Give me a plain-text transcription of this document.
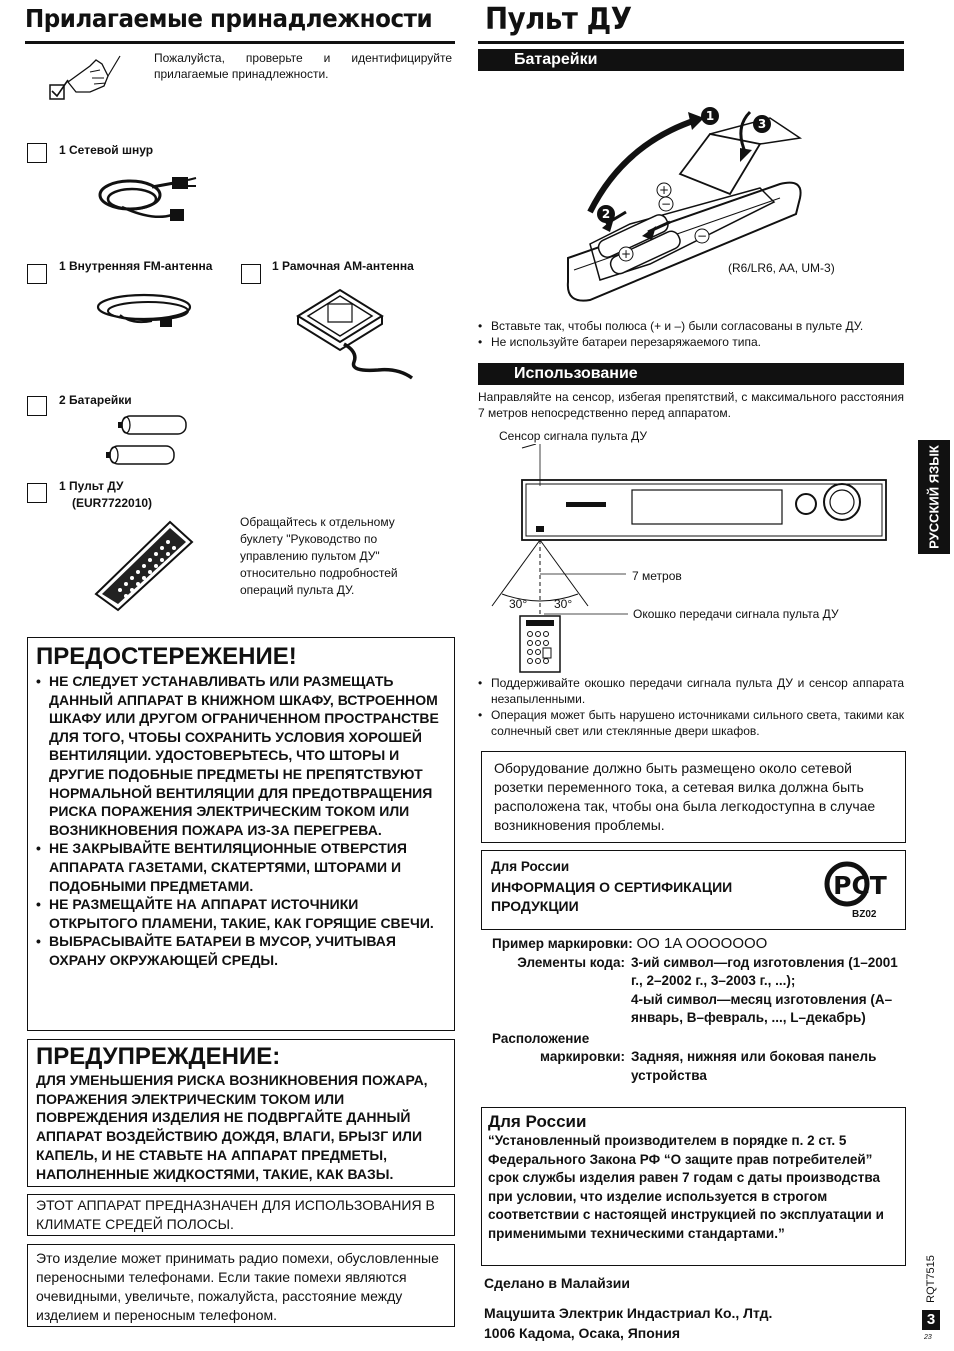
Прилагаемые принадлежности
Пожалуйста, проверьте и идентифицируйте прилагаемые принадлежности.
1 Сетевой шнур
1 Внутренняя FM-антенна	1 Рамочная AM-антенна
2 Батарейки
1 Пульт ДУ
(EUR7722010)
Обращайтесь к отдельному буклету "Руководство по управлению пультом ДУ" относительно подробностей операций пульта ДУ.
ПРЕДОСТЕРЕЖЕНИЕ!
• НЕ СЛЕДУЕТ УСТАНАВЛИВАТЬ ИЛИ РАЗМЕЩАТЬ ДАННЫЙ АППАРАТ В КНИЖНОМ ШКАФУ, ВСТРОЕННОМ ШКАФУ ИЛИ ДРУГОМ ОГРАНИЧЕННОМ ПРОСТРАНСТВЕ ДЛЯ ТОГО, ЧТОБЫ СОХРАНИТЬ УСЛОВИЯ ХОРОШЕЙ ВЕНТИЛЯЦИИ. УДОСТОВЕРЬТЕСЬ, ЧТО ШТОРЫ И ДРУГИЕ ПОДОБНЫЕ ПРЕДМЕТЫ НЕ ПРЕПЯТСТВУЮТ НОРМАЛЬНОЙ ВЕНТИЛЯЦИИ ДЛЯ ПРЕДОТВРАЩЕНИЯ РИСКА ПОРАЖЕНИЯ ЭЛЕКТРИЧЕСКИМ ТОКОМ ИЛИ ВОЗНИКНОВЕНИЯ ПОЖАРА ИЗ-ЗА ПЕРЕГРЕВА.
• НЕ ЗАКРЫВАЙТЕ ВЕНТИЛЯЦИОННЫЕ ОТВЕРСТИЯ АППАРАТА ГАЗЕТАМИ, СКАТЕРТЯМИ, ШТОРАМИ И ПОДОБНЫМИ ПРЕДМЕТАМИ.
• НЕ РАЗМЕЩАЙТЕ НА АППАРАТ ИСТОЧНИКИ ОТКРЫТОГО ПЛАМЕНИ, ТАКИЕ, КАК ГОРЯЩИЕ СВЕЧИ.
• ВЫБРАСЫВАЙТЕ БАТАРЕИ В МУСОР, УЧИТЫВАЯ ОХРАНУ ОКРУЖАЮЩЕЙ СРЕДЫ.
ПРЕДУПРЕЖДЕНИЕ:
ДЛЯ УМЕНЬШЕНИЯ РИСКА ВОЗНИКНОВЕНИЯ ПОЖАРА, ПОРАЖЕНИЯ ЭЛЕКТРИЧЕСКИМ ТОКОМ ИЛИ ПОВРЕЖДЕНИЯ ИЗДЕЛИЯ НЕ ПОДВРГАЙТЕ ДАННЫЙ АППАРАТ ВОЗДЕЙСТВИЮ ДОЖДЯ, ВЛАГИ, БРЫЗГ ИЛИ КАПЕЛЬ, И НЕ СТАВЬТЕ НА АППАРАТ ПРЕДМЕТЫ, НАПОЛНЕННЫЕ ЖИДКОСТЯМИ, ТАКИЕ, КАК ВАЗЫ.
ЭТОТ АППАРАТ ПРЕДНАЗНАЧЕН ДЛЯ ИСПОЛЬЗОВАНИЯ В КЛИМАТЕ СРЕДЕЙ ПОЛОСЫ.
Это изделие может принимать радио помехи, обусловленные переносными телефонами. Если такие помехи являются очевидными, увеличьте, пожалуйста, расстояние между изделием и переносным телефоном.
Пульт ДУ
Батарейки
+
+
−
−
1
2
3
(R6/LR6, AA, UM-3)
• Вставьте так, чтобы полюса (+ и –) были согласованы в пульте ДУ.
• Не используйте батареи перезаряжаемого типа.
Использование
Направляйте на сенсор, избегая препятствий, с максимального расстояния 7 метров непосредственно перед аппаратом.
Сенсор сигнала пульта ДУ
7 метров
30° 30°
Окошко передачи сигнала пульта ДУ
• Поддерживайте окошко передачи сигнала пульта ДУ и сенсор аппарата незапыленными.
• Операция может быть нарушено источниками сильного света, такими как солнечный свет или стеклянные двери шкафов.
Оборудование должно быть размещено около сетевой розетки переменного тока, а сетевая вилка должна быть расположена так, чтобы она была легкодоступна в случае возникновения проблемы.
Для России
ИНФОРМАЦИЯ О СЕРТИФИКАЦИИ ПРОДУКЦИИ
PCT
BZ02
Пример маркировки: OO 1A OOOOOOO
Элементы кода:	3-ий символ—год изготовления (1–2001 г., 2–2002 г., 3–2003 г., ...);
4-ый символ—месяц изготовления (A–январь, B–февраль, ..., L–декабрь)

Расположение	
маркировки:	Задняя, нижняя или боковая панель устройства
Для России
“Установленный производителем в порядке п. 2 ст. 5 Федерального Закона РФ “О защите прав потребителей” срок службы изделия равен 7 годам с даты производства при условии, что изделие используется в строгом соответствии с настоящей инструкцией по эксплуатации и применимыми техническими стандартами.”
Сделано в Малайзии
Мацушита Электрик Индастриал Ко., Лтд.
1006 Кадома, Осака, Япония
РУССКИЙ ЯЗЫК
RQT7515
3
23
